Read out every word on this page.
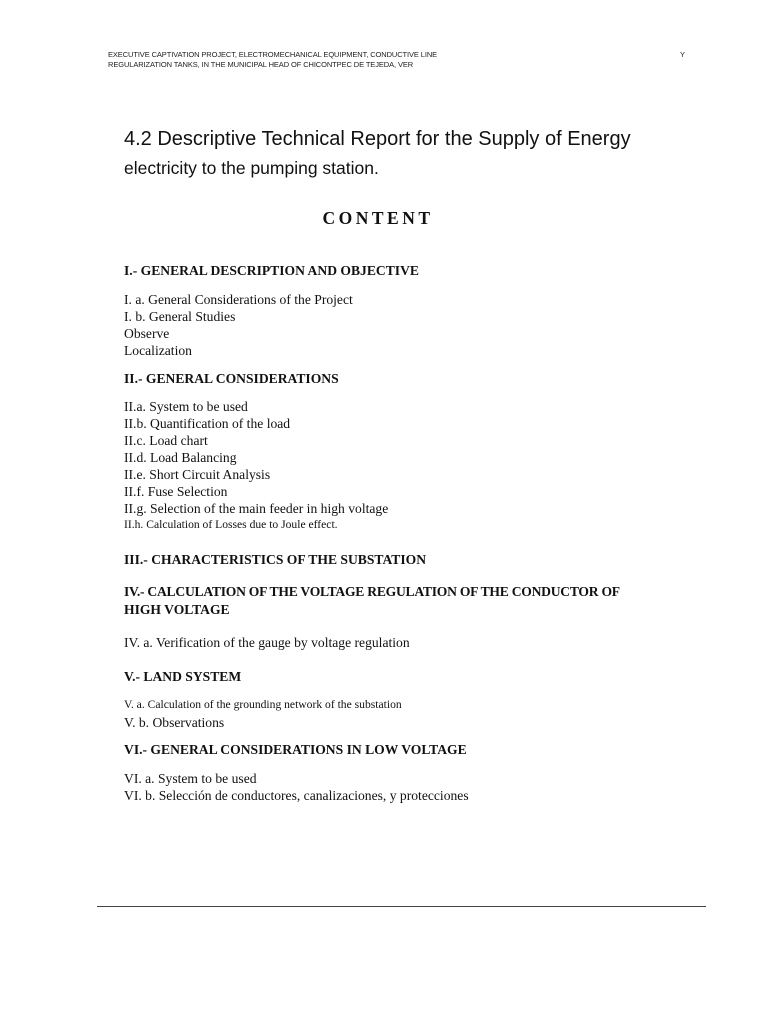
EXECUTIVE CAPTIVATION PROJECT, ELECTROMECHANICAL EQUIPMENT, CONDUCTIVE LINE
REGULARIZATION TANKS, IN THE MUNICIPAL HEAD OF CHICONTPEC DE TEJEDA, VER
Y
4.2 Descriptive Technical Report for the Supply of Energy
electricity to the pumping station.
CONTENT
I.- GENERAL DESCRIPTION AND OBJECTIVE
I. a. General Considerations of the Project
I. b. General Studies
Observe
Localization
II.- GENERAL CONSIDERATIONS
II.a. System to be used
II.b. Quantification of the load
II.c. Load chart
II.d. Load Balancing
II.e. Short Circuit Analysis
II.f. Fuse Selection
II.g. Selection of the main feeder in high voltage
II.h. Calculation of Losses due to Joule effect.
III.- CHARACTERISTICS OF THE SUBSTATION
IV.- CALCULATION OF THE VOLTAGE REGULATION OF THE CONDUCTOR OF
HIGH VOLTAGE
IV. a. Verification of the gauge by voltage regulation
V.- LAND SYSTEM
V. a. Calculation of the grounding network of the substation
V. b. Observations
VI.- GENERAL CONSIDERATIONS IN LOW VOLTAGE
VI. a. System to be used
VI. b. Selección de conductores, canalizaciones, y protecciones
